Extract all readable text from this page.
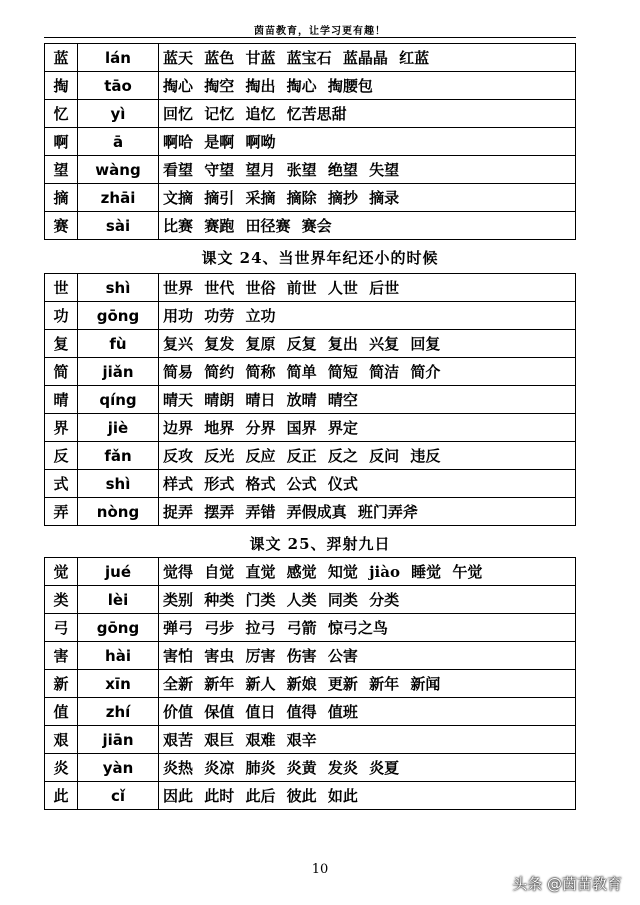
茵苗教育，让学习更有趣！
蓝	lán	蓝天 蓝色 甘蓝 蓝宝石 蓝晶晶 红蓝
掏	tāo	掏心 掏空 掏出 掏心 掏腰包
忆	yì	回忆 记忆 追忆 忆苦思甜
啊	ā	啊哈 是啊 啊呦
望	wàng	看望 守望 望月 张望 绝望 失望
摘	zhāi	文摘 摘引 采摘 摘除 摘抄 摘录
赛	sài	比赛 赛跑 田径赛 赛会
课文 24、当世界年纪还小的时候
世	shì	世界 世代 世俗 前世 人世 后世
功	gōng	用功 功劳 立功
复	fù	复兴 复发 复原 反复 复出 兴复 回复
简	jiǎn	简易 简约 简称 简单 简短 简洁 简介
晴	qíng	晴天 晴朗 晴日 放晴 晴空
界	jiè	边界 地界 分界 国界 界定
反	fǎn	反攻 反光 反应 反正 反之 反问 违反
式	shì	样式 形式 格式 公式 仪式
弄	nòng	捉弄 摆弄 弄错 弄假成真 班门弄斧
课文 25、羿射九日
觉	jué	觉得 自觉 直觉 感觉 知觉 jiào 睡觉 午觉
类	lèi	类别 种类 门类 人类 同类 分类
弓	gōng	弹弓 弓步 拉弓 弓箭 惊弓之鸟
害	hài	害怕 害虫 厉害 伤害 公害
新	xīn	全新 新年 新人 新娘 更新 新年 新闻
值	zhí	价值 保值 值日 值得 值班
艰	jiān	艰苦 艰巨 艰难 艰辛
炎	yàn	炎热 炎凉 肺炎 炎黄 发炎 炎夏
此	cǐ	因此 此时 此后 彼此 如此
10
头条 @茵苗教育
